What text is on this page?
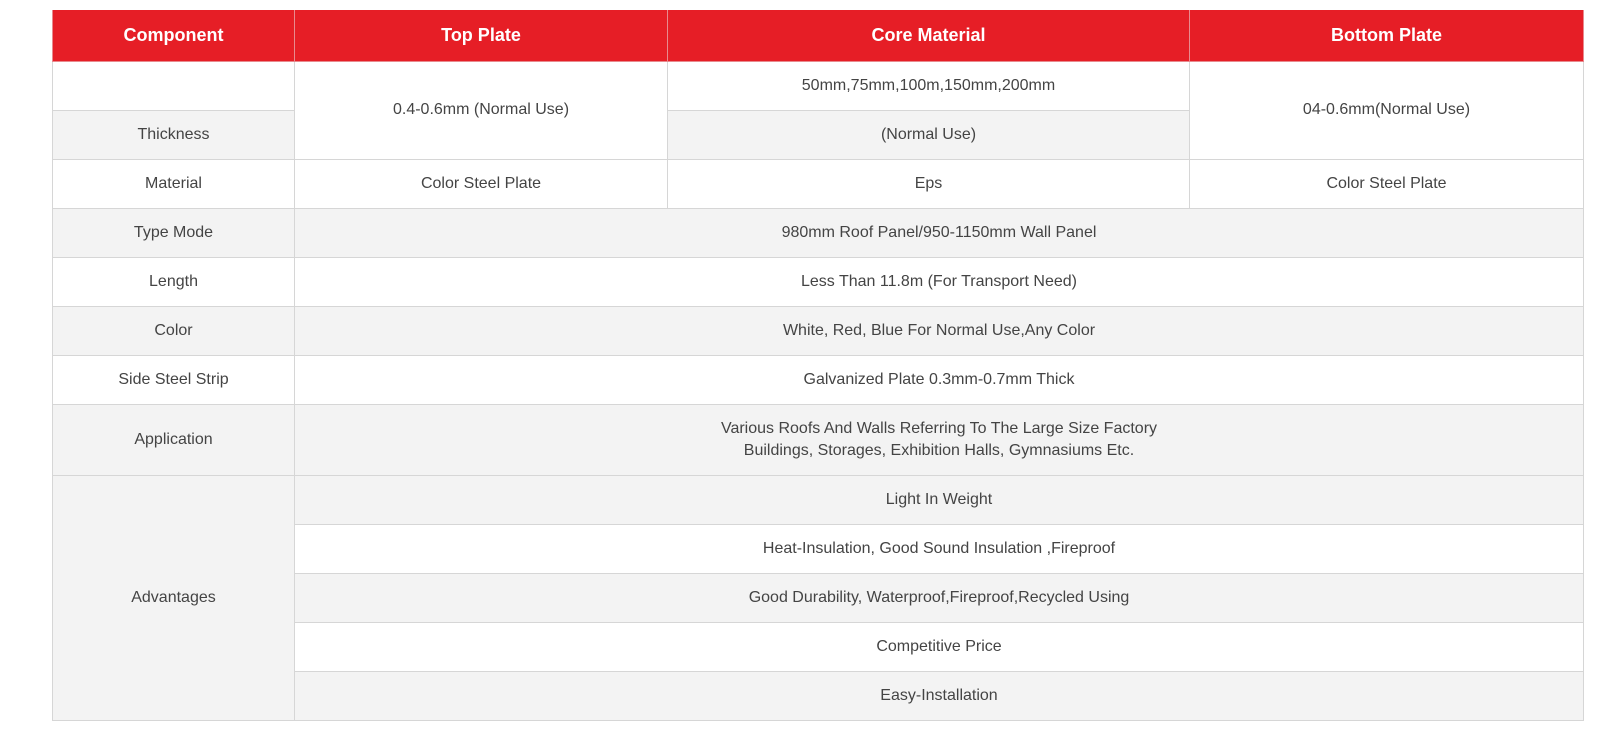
Component	Top Plate	Core Material	Bottom Plate
	0.4-0.6mm (Normal Use)	50mm,75mm,100m,150mm,200mm	04-0.6mm(Normal Use)
Thickness		(Normal Use)	
Material	Color Steel Plate	Eps	Color Steel Plate
Type Mode	980mm Roof Panel/950-1150mm Wall Panel		
Length	Less Than 11.8m (For Transport Need)		
Color	White, Red, Blue For Normal Use,Any Color		
Side Steel Strip	Galvanized Plate 0.3mm-0.7mm Thick		
Application	Various Roofs And Walls Referring To The Large Size Factory
Buildings, Storages, Exhibition Halls, Gymnasiums Etc.		

Advantages	Light In Weight		
	Heat-Insulation, Good Sound Insulation ,Fireproof		
	Good Durability, Waterproof,Fireproof,Recycled Using		
	Competitive Price		
	Easy-Installation		
